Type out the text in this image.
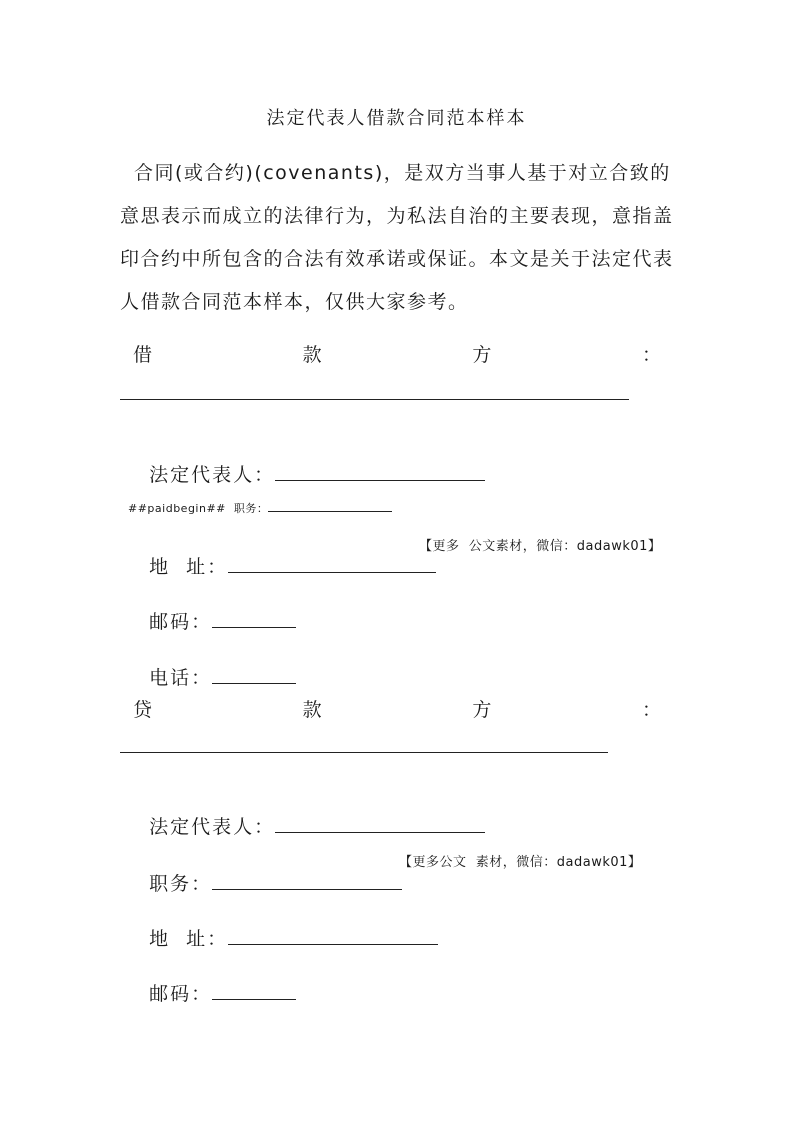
法定代表人借款合同范本样本
合同(或合约)(covenants)，是双方当事人基于对立合致的意思表示而成立的法律行为，为私法自治的主要表现，意指盖印合约中所包含的合法有效承诺或保证。本文是关于法定代表人借款合同范本样本，仅供大家参考。
借	款	方	：

法定代表人：

##paidbegin## 职务：

地  址：

【更多  公文素材，微信：dadawk01】

邮码：

电话：

贷	款	方	：

法定代表人：

职务：

【更多公文  素材，微信：dadawk01】

地  址：

邮码：
